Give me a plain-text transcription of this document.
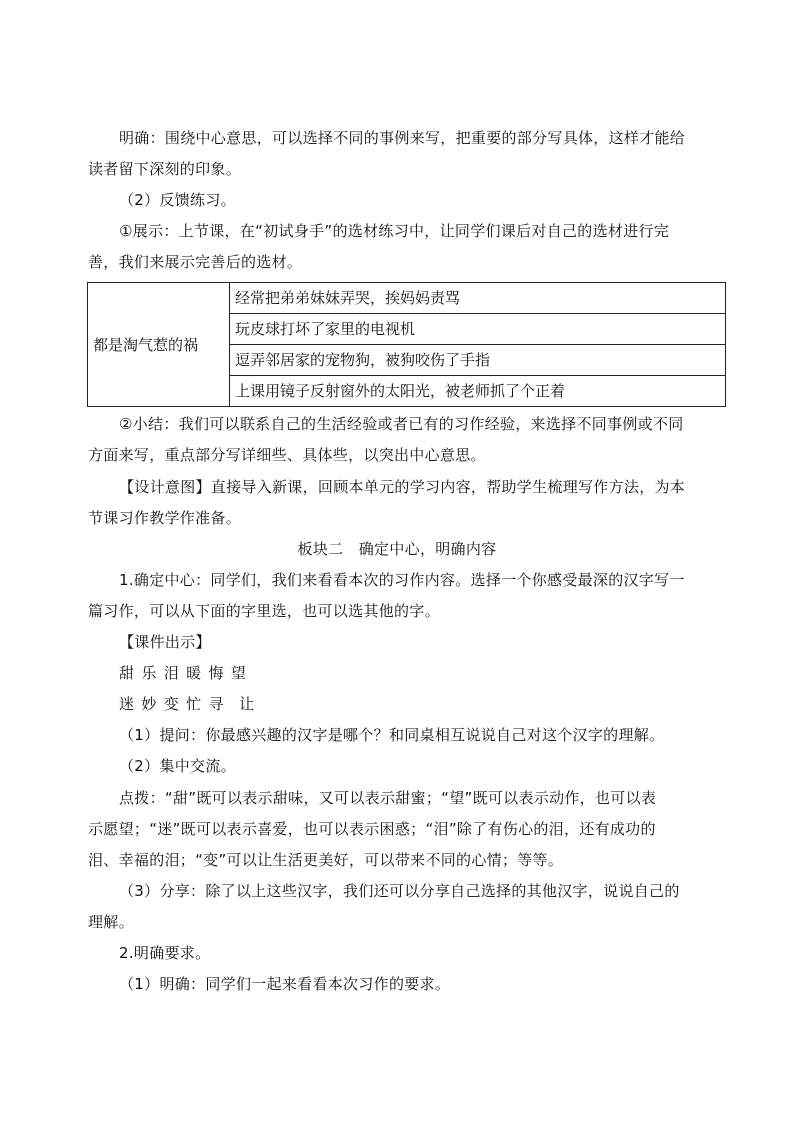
明确：围绕中心意思，可以选择不同的事例来写，把重要的部分写具体，这样才能给
读者留下深刻的印象。
（2）反馈练习。
①展示：上节课，在“初试身手”的选材练习中，让同学们课后对自己的选材进行完
善，我们来展示完善后的选材。
都是淘气惹的祸	经常把弟弟妹妹弄哭，挨妈妈责骂
玩皮球打坏了家里的电视机
逗弄邻居家的宠物狗，被狗咬伤了手指
上课用镜子反射窗外的太阳光，被老师抓了个正着
②小结：我们可以联系自己的生活经验或者已有的习作经验，来选择不同事例或不同
方面来写，重点部分写详细些、具体些，以突出中心意思。
【设计意图】直接导入新课，回顾本单元的学习内容，帮助学生梳理写作方法，为本
节课习作教学作准备。
板块二　确定中心，明确内容
1.确定中心：同学们，我们来看看本次的习作内容。选择一个你感受最深的汉字写一
篇习作，可以从下面的字里选，也可以选其他的字。
【课件出示】
甜 乐 泪 暖 悔 望
迷 妙 变 忙 寻　让
（1）提问：你最感兴趣的汉字是哪个？和同桌相互说说自己对这个汉字的理解。
（2）集中交流。
点拨：“甜”既可以表示甜味，又可以表示甜蜜；“望”既可以表示动作，也可以表
示愿望；“迷”既可以表示喜爱，也可以表示困惑；“泪”除了有伤心的泪，还有成功的
泪、幸福的泪；“变”可以让生活更美好，可以带来不同的心情；等等。
（3）分享：除了以上这些汉字，我们还可以分享自己选择的其他汉字，说说自己的
理解。
2.明确要求。
（1）明确：同学们一起来看看本次习作的要求。
